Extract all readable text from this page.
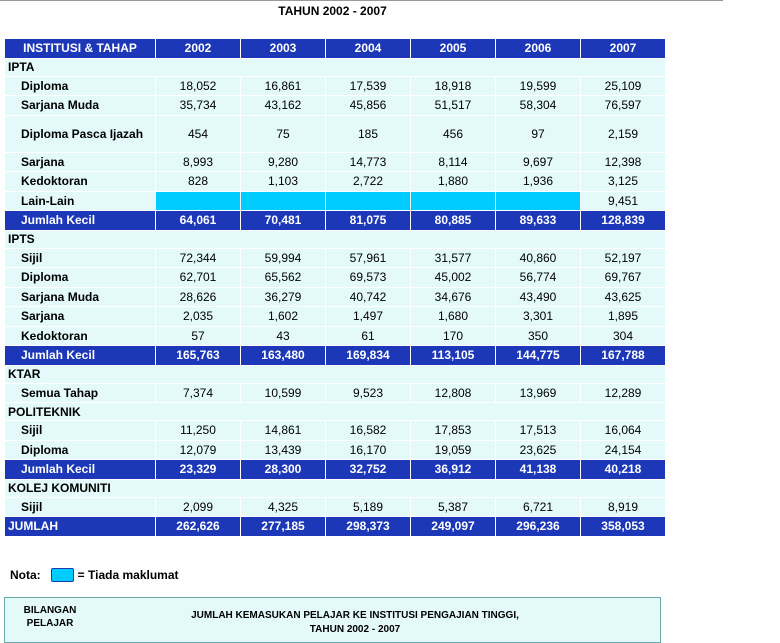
TAHUN 2002 - 2007
INSTITUSI & TAHAP	2002	2003	2004	2005	2006	2007
IPTA						
Diploma	18,052	16,861	17,539	18,918	19,599	25,109
Sarjana Muda	35,734	43,162	45,856	51,517	58,304	76,597
Diploma Pasca Ijazah	454	75	185	456	97	2,159
Sarjana	8,993	9,280	14,773	8,114	9,697	12,398
Kedoktoran	828	1,103	2,722	1,880	1,936	3,125
Lain-Lain						9,451
Jumlah Kecil	64,061	70,481	81,075	80,885	89,633	128,839
IPTS						
Sijil	72,344	59,994	57,961	31,577	40,860	52,197
Diploma	62,701	65,562	69,573	45,002	56,774	69,767
Sarjana Muda	28,626	36,279	40,742	34,676	43,490	43,625
Sarjana	2,035	1,602	1,497	1,680	3,301	1,895
Kedoktoran	57	43	61	170	350	304
Jumlah Kecil	165,763	163,480	169,834	113,105	144,775	167,788
KTAR						
Semua Tahap	7,374	10,599	9,523	12,808	13,969	12,289
POLITEKNIK						
Sijil	11,250	14,861	16,582	17,853	17,513	16,064
Diploma	12,079	13,439	16,170	19,059	23,625	24,154
Jumlah Kecil	23,329	28,300	32,752	36,912	41,138	40,218
KOLEJ KOMUNITI						
Sijil	2,099	4,325	5,189	5,387	6,721	8,919
JUMLAH	262,626	277,185	298,373	249,097	296,236	358,053
Nota:	= Tiada maklumat
BILANGAN
PELAJAR
JUMLAH KEMASUKAN PELAJAR KE INSTITUSI PENGAJIAN TINGGI,
TAHUN 2002 - 2007
